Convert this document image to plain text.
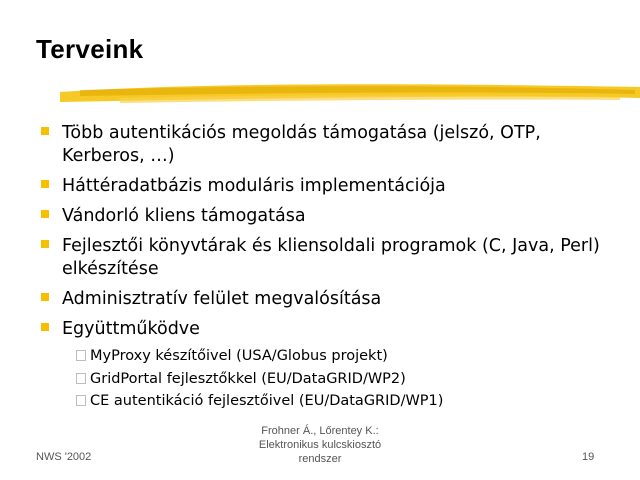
Terveink
Több autentikációs megoldás támogatása (jelszó, OTP, Kerberos, …)
Háttéradatbázis moduláris implementációja
Vándorló kliens támogatása
Fejlesztői könyvtárak és kliensoldali programok (C, Java, Perl) elkészítése
Adminisztratív felület megvalósítása
Együttműködve
MyProxy készítőivel (USA/Globus projekt)
GridPortal fejlesztőkkel (EU/DataGRID/WP2)
CE autentikáció fejlesztőivel (EU/DataGRID/WP1)
NWS '2002
Frohner Á., Lőrentey K.:
Elektronikus kulcskiosztó
rendszer	19
